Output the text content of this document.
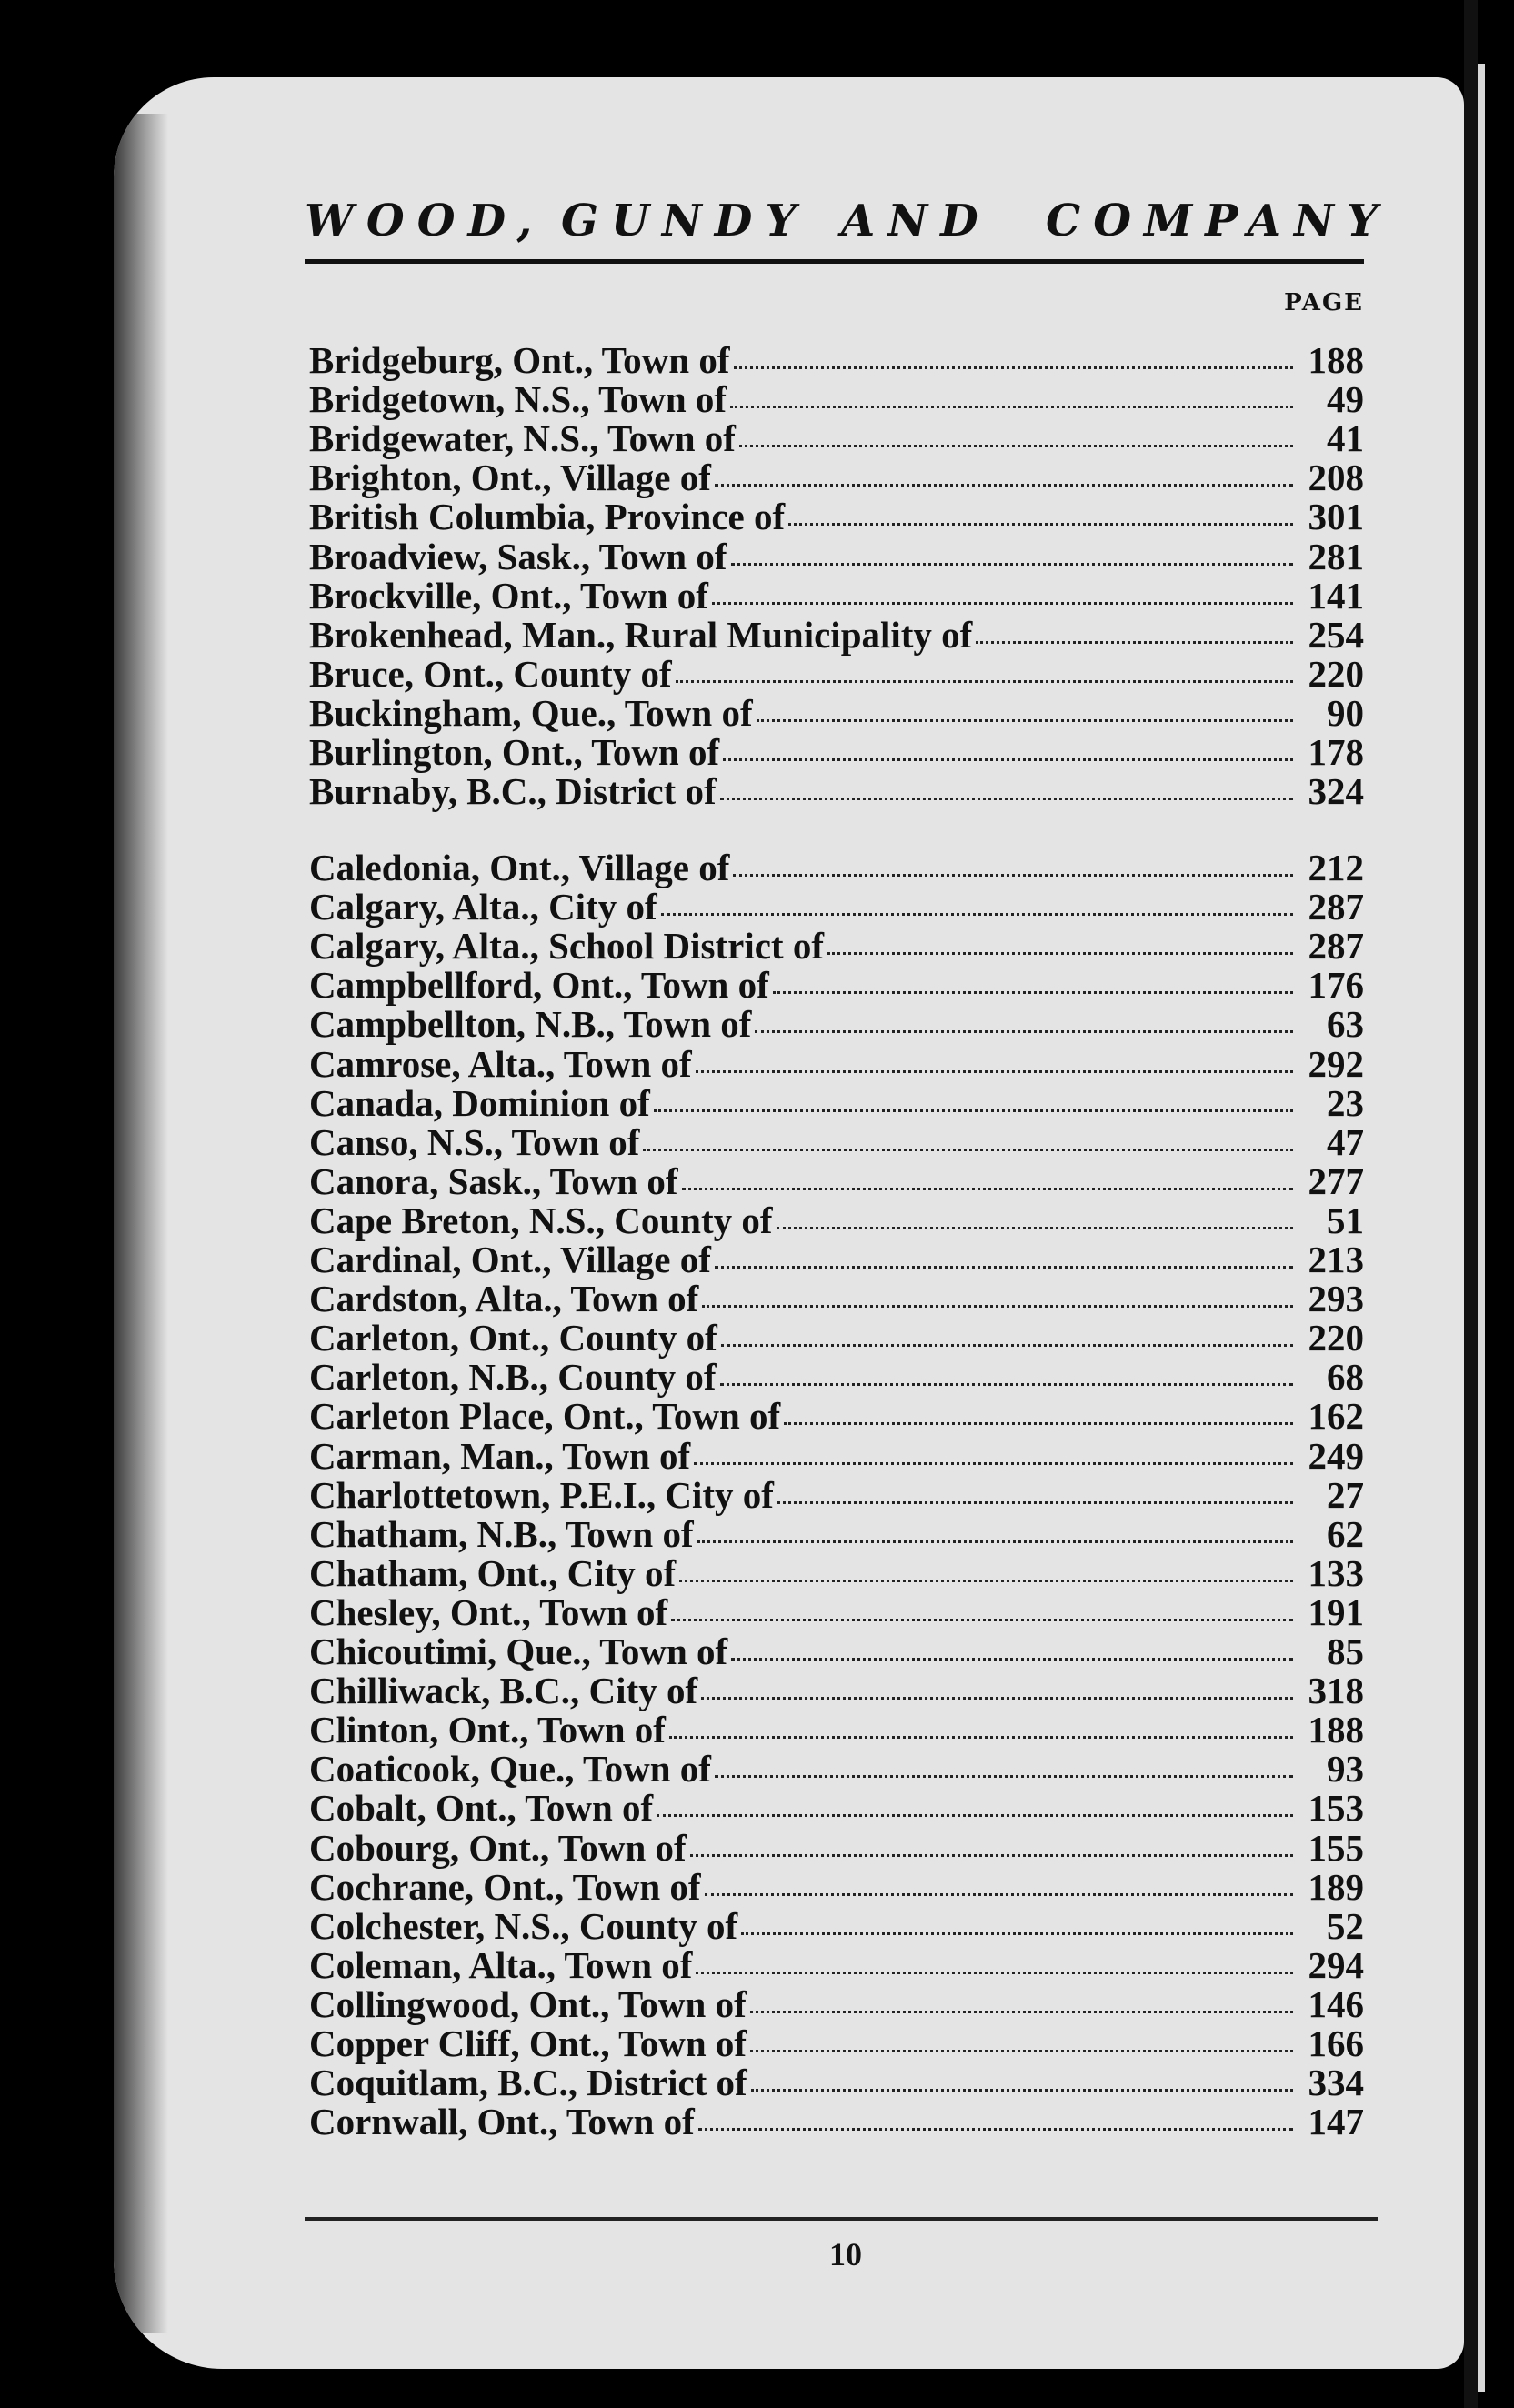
WOOD, GUNDY AND COMPANY
PAGE
Bridgeburg, Ont., Town of	188
Bridgetown, N.S., Town of	49
Bridgewater, N.S., Town of	41
Brighton, Ont., Village of	208
British Columbia, Province of	301
Broadview, Sask., Town of	281
Brockville, Ont., Town of	141
Brokenhead, Man., Rural Municipality of	254
Bruce, Ont., County of	220
Buckingham, Que., Town of	90
Burlington, Ont., Town of	178
Burnaby, B.C., District of	324
Caledonia, Ont., Village of	212
Calgary, Alta., City of	287
Calgary, Alta., School District of	287
Campbellford, Ont., Town of	176
Campbellton, N.B., Town of	63
Camrose, Alta., Town of	292
Canada, Dominion of	23
Canso, N.S., Town of	47
Canora, Sask., Town of	277
Cape Breton, N.S., County of	51
Cardinal, Ont., Village of	213
Cardston, Alta., Town of	293
Carleton, Ont., County of	220
Carleton, N.B., County of	68
Carleton Place, Ont., Town of	162
Carman, Man., Town of	249
Charlottetown, P.E.I., City of	27
Chatham, N.B., Town of	62
Chatham, Ont., City of	133
Chesley, Ont., Town of	191
Chicoutimi, Que., Town of	85
Chilliwack, B.C., City of	318
Clinton, Ont., Town of	188
Coaticook, Que., Town of	93
Cobalt, Ont., Town of	153
Cobourg, Ont., Town of	155
Cochrane, Ont., Town of	189
Colchester, N.S., County of	52
Coleman, Alta., Town of	294
Collingwood, Ont., Town of	146
Copper Cliff, Ont., Town of	166
Coquitlam, B.C., District of	334
Cornwall, Ont., Town of	147
10
